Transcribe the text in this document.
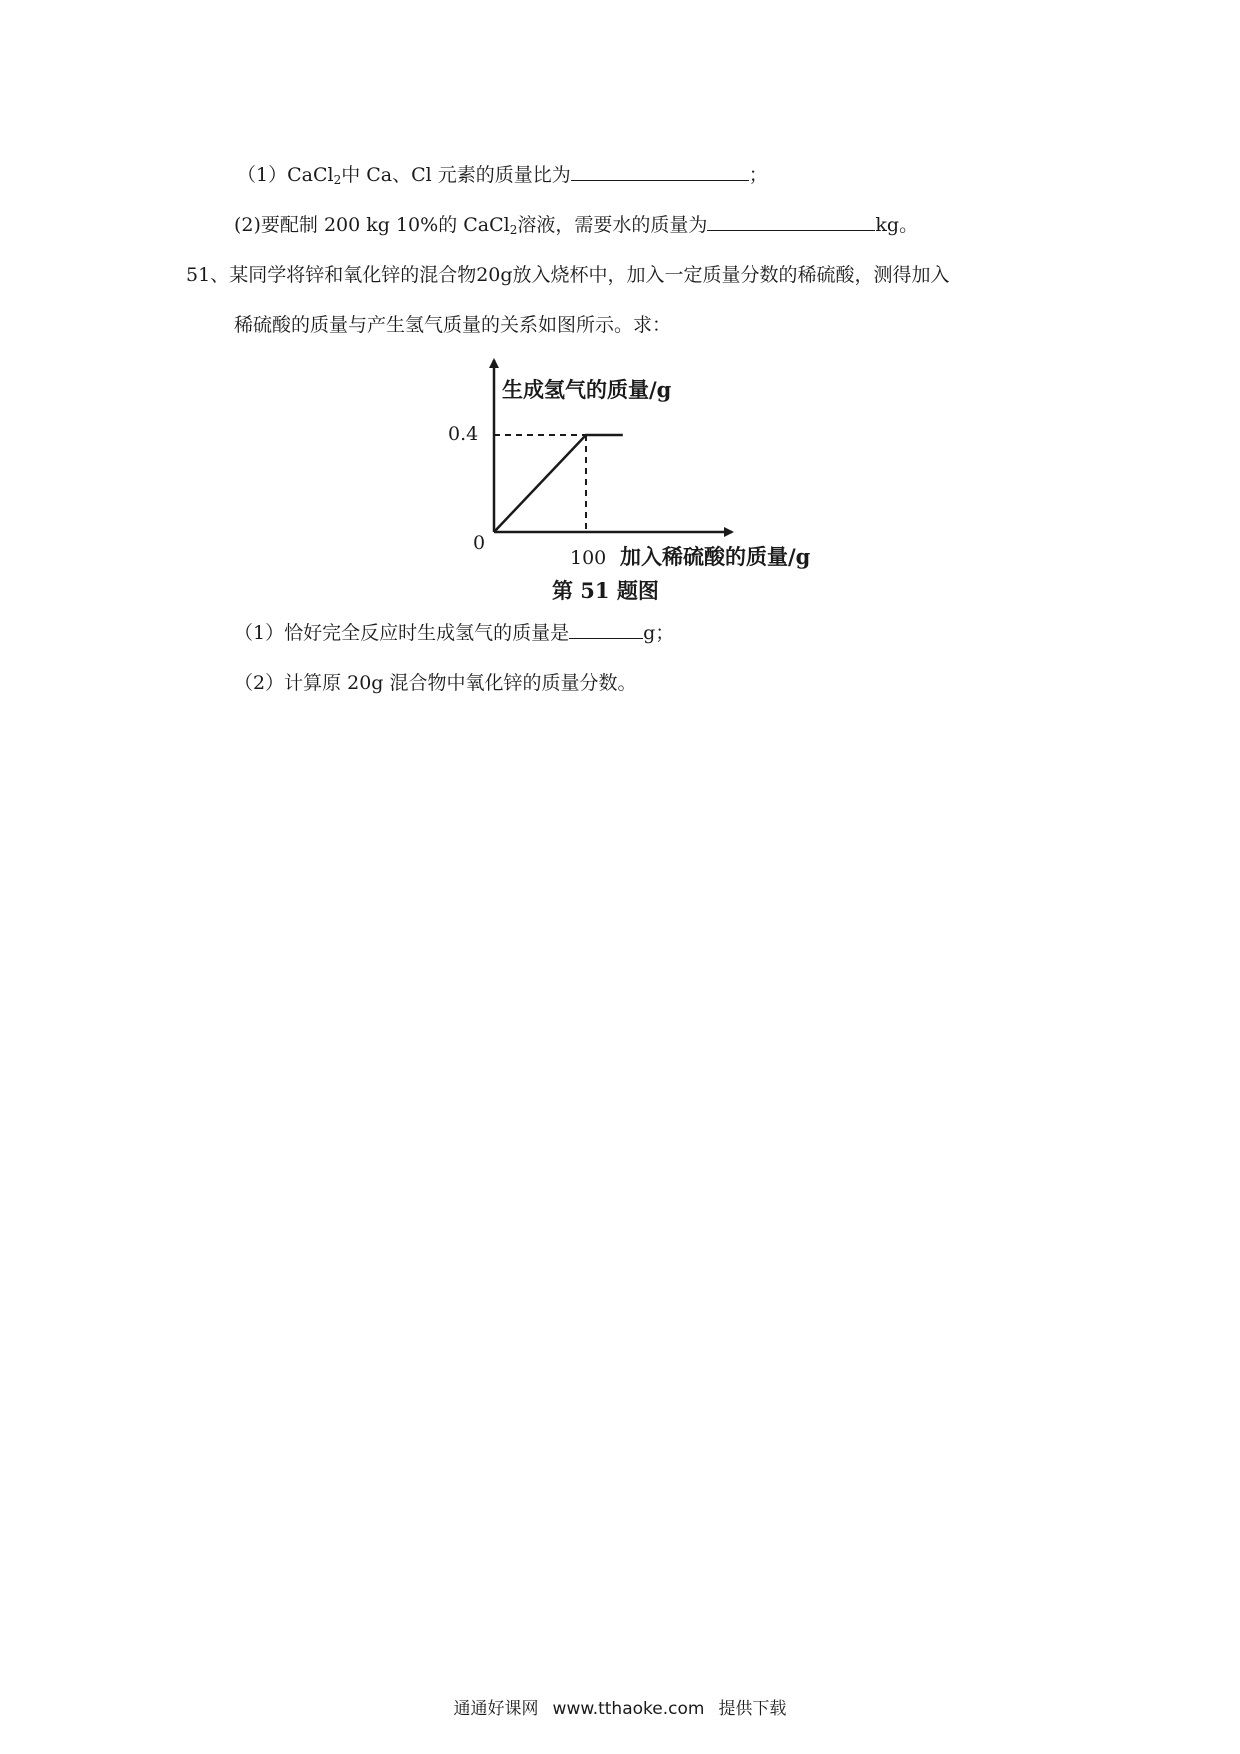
（1）CaCl$_2$中 Ca、Cl 元素的质量比为	；
(2)要配制 200 kg 10%的 CaCl$_2$溶液，需要水的质量为	kg。
51、某同学将锌和氧化锌的混合物20g放入烧杯中，加入一定质量分数的稀硫酸，测得加入
稀硫酸的质量与产生氢气质量的关系如图所示。求：
生成氢气的质量/g
加入稀硫酸的质量/g
0
100
0.4
第 51 题图
（1）恰好完全反应时生成氢气的质量是	g；
（2）计算原 20g 混合物中氧化锌的质量分数。
通通好课网 www.tthaoke.com 提供下载
